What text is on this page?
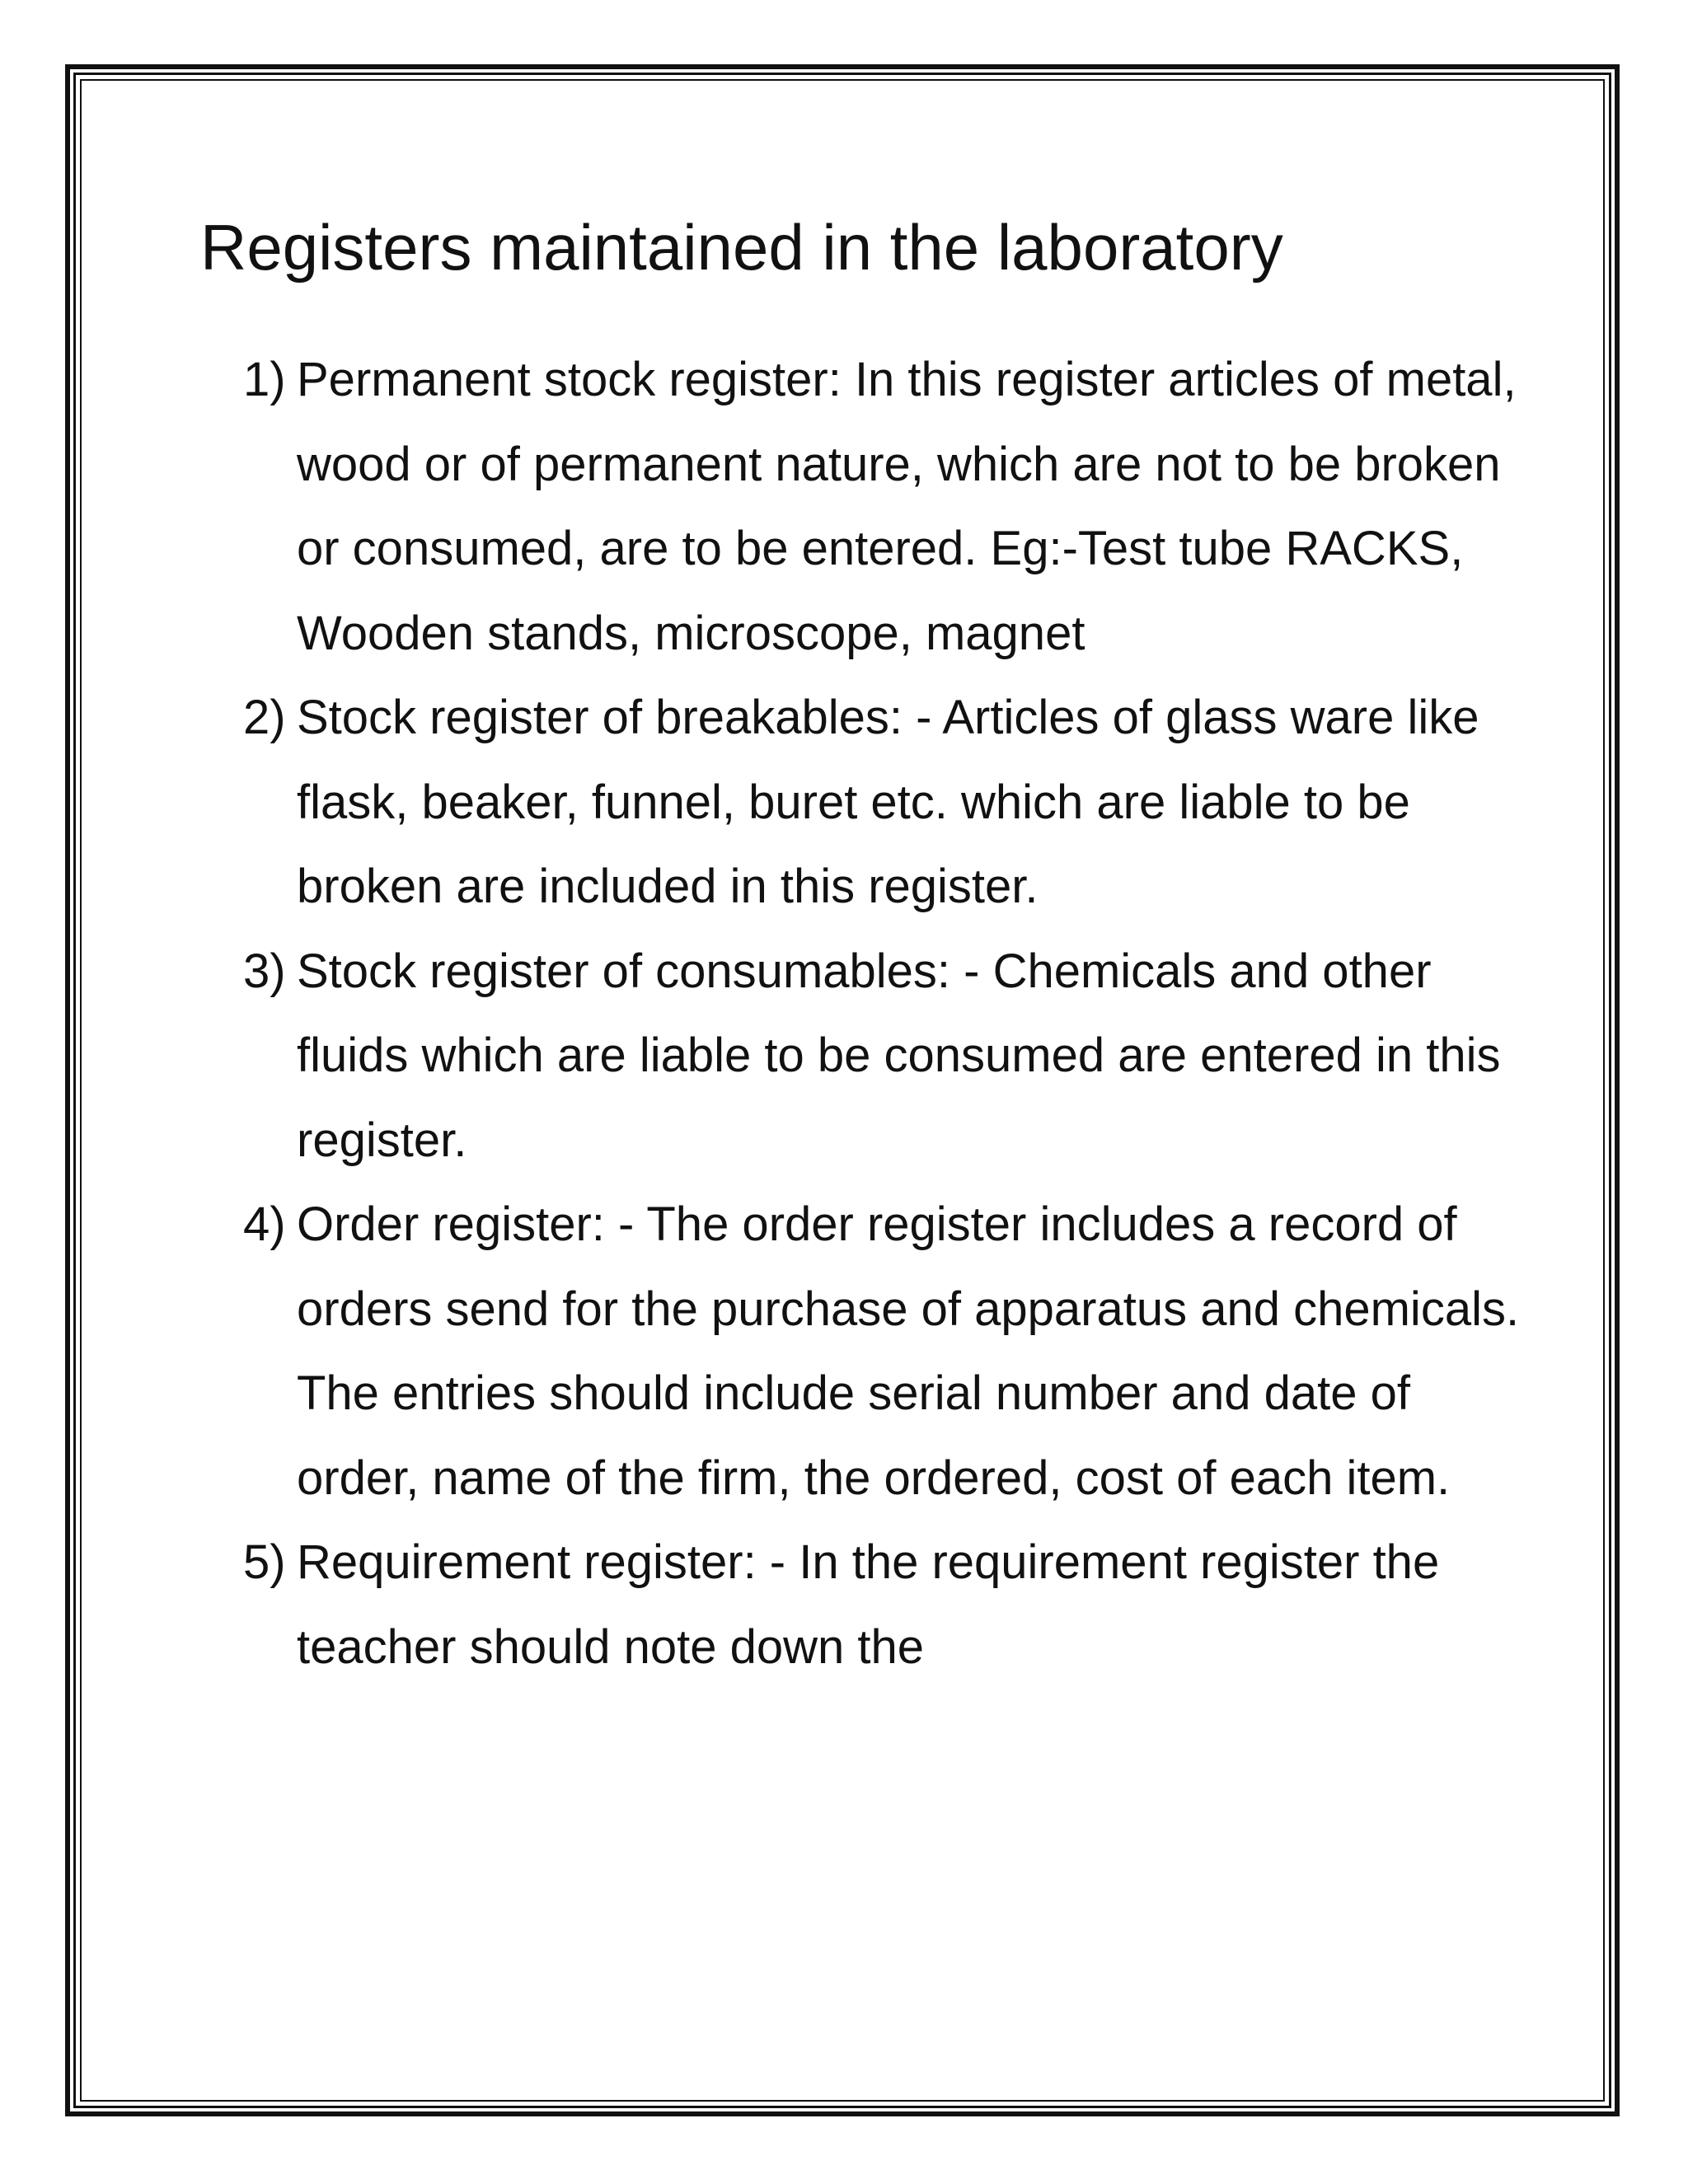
Registers maintained in the laboratory
1) Permanent stock register: In this register articles of metal, wood or of permanent nature, which are not to be broken or consumed, are to be entered. Eg:-Test tube RACKS, Wooden stands, microscope, magnet
2) Stock register of breakables: - Articles of glass ware like flask, beaker, funnel, buret etc. which are liable to be broken are included in this register.
3) Stock register of consumables: - Chemicals and other fluids which are liable to be consumed are entered in this register.
4) Order register: - The order register includes a record of orders send for the purchase of apparatus and chemicals. The entries should include serial number and date of order, name of the firm, the ordered, cost of each item.
5) Requirement register: - In the requirement register the teacher should note down the
